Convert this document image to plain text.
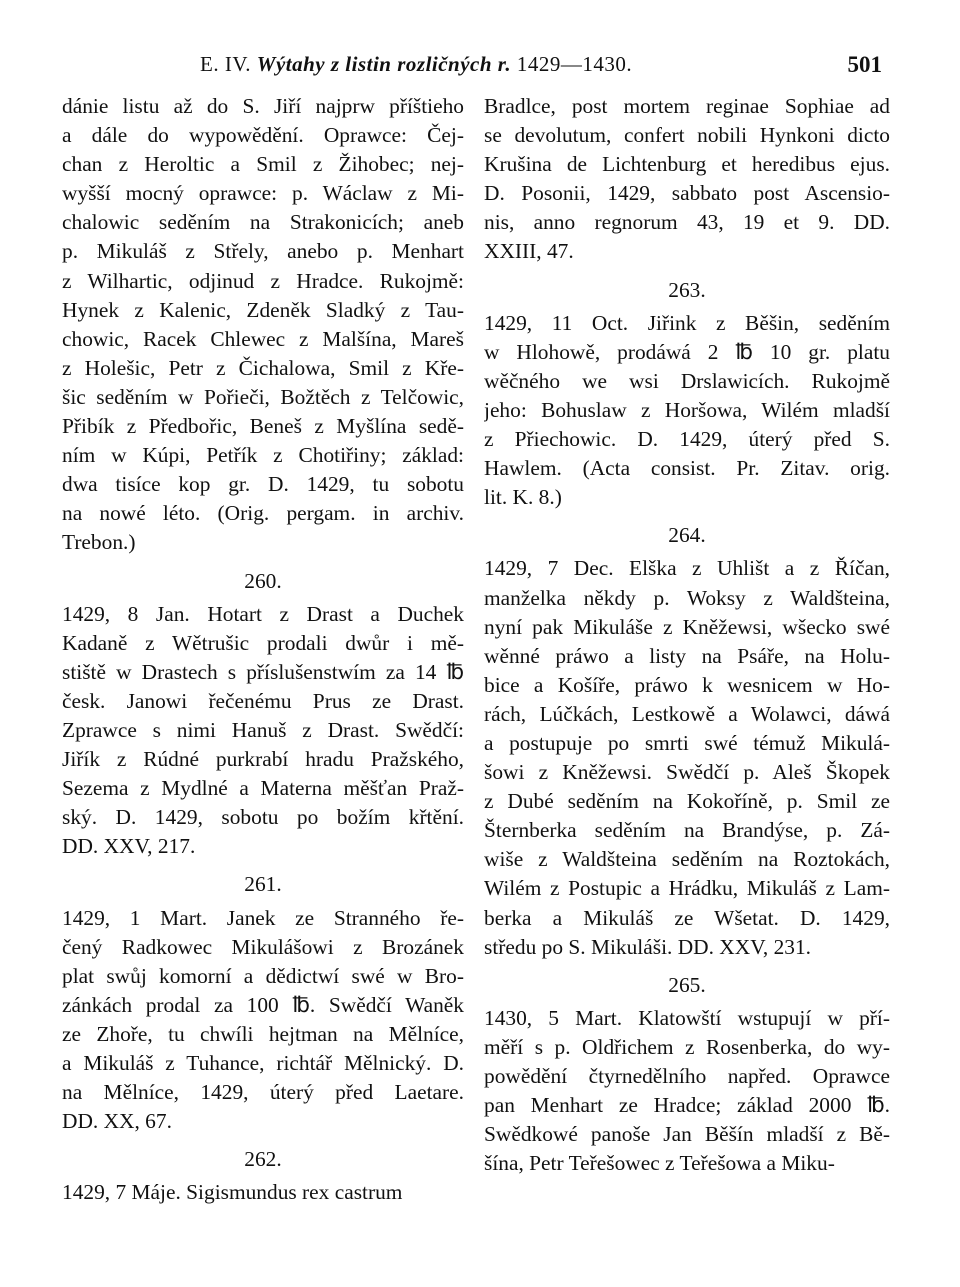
E. IV. Wýtahy z listin rozličných r. 1429—1430.	501
dánie listu až do S. Jiří najprw příštieho
a dále do wypowědění. Oprawce: Čej-
chan z Heroltic a Smil z Žihobec; nej-
wyšší mocný oprawce: p. Wáclaw z Mi-
chalowic seděním na Strakonicích; aneb
p. Mikuláš z Střely, anebo p. Menhart
z Wilhartic, odjinud z Hradce. Rukojmě:
Hynek z Kalenic, Zdeněk Sladký z Tau-
chowic, Racek Chlewec z Malšína, Mareš
z Holešic, Petr z Čichalowa, Smil z Kře-
šic seděním w Pořieči, Božtěch z Telčowic,
Přibík z Předbořic, Beneš z Myšlína sedě-
ním w Kúpi, Petřík z Chotiřiny; základ:
dwa tisíce kop gr. D. 1429, tu sobotu
na nowé léto. (Orig. pergam. in archiv.
Trebon.)
260.
1429, 8 Jan. Hotart z Drast a Duchek
Kadaně z Wětrušic prodali dwůr i mě-
stiště w Drastech s příslušenstwím za 14 ℔
česk. Janowi řečenému Prus ze Drast.
Zprawce s nimi Hanuš z Drast. Swědčí:
Jiřík z Rúdné purkrabí hradu Pražského,
Sezema z Mydlné a Materna měšťan Praž-
ský. D. 1429, sobotu po božím křtění.
DD. XXV, 217.
261.
1429, 1 Mart. Janek ze Stranného ře-
čený Radkowec Mikulášowi z Brozánek
plat swůj komorní a dědictwí swé w Bro-
zánkách prodal za 100 ℔. Swědčí Waněk
ze Zhoře, tu chwíli hejtman na Mělníce,
a Mikuláš z Tuhance, richtář Mělnický. D.
na Mělníce, 1429, úterý před Laetare.
DD. XX, 67.
262.
1429, 7 Máje. Sigismundus rex castrum
Bradlce, post mortem reginae Sophiae ad
se devolutum, confert nobili Hynkoni dicto
Krušina de Lichtenburg et heredibus ejus.
D. Posonii, 1429, sabbato post Ascensio-
nis, anno regnorum 43, 19 et 9. DD.
XXIII, 47.
263.
1429, 11 Oct. Jiřink z Běšin, seděním
w Hlohowě, prodáwá 2 ℔ 10 gr. platu
wěčného we wsi Drslawicích. Rukojmě
jeho: Bohuslaw z Horšowa, Wilém mladší
z Přiechowic. D. 1429, úterý před S.
Hawlem. (Acta consist. Pr. Zitav. orig.
lit. K. 8.)
264.
1429, 7 Dec. Elška z Uhlišt a z Říčan,
manželka někdy p. Woksy z Waldšteina,
nyní pak Mikuláše z Kněžewsi, wšecko swé
wěnné práwo a listy na Psáře, na Holu-
bice a Košíře, práwo k wesnicem w Ho-
rách, Lúčkách, Lestkowě a Wolawci, dáwá
a postupuje po smrti swé témuž Mikulá-
šowi z Kněžewsi. Swědčí p. Aleš Škopek
z Dubé seděním na Kokoříně, p. Smil ze
Šternberka seděním na Brandýse, p. Zá-
wiše z Waldšteina seděním na Roztokách,
Wilém z Postupic a Hrádku, Mikuláš z Lam-
berka a Mikuláš ze Wšetat. D. 1429,
středu po S. Mikuláši. DD. XXV, 231.
265.
1430, 5 Mart. Klatowští wstupují w pří-
měří s p. Oldřichem z Rosenberka, do wy-
powědění čtyrnedělního napřed. Oprawce
pan Menhart ze Hradce; základ 2000 ℔.
Swědkowé panoše Jan Běšín mladší z Bě-
šína, Petr Teřešowec z Teřešowa a Miku-
